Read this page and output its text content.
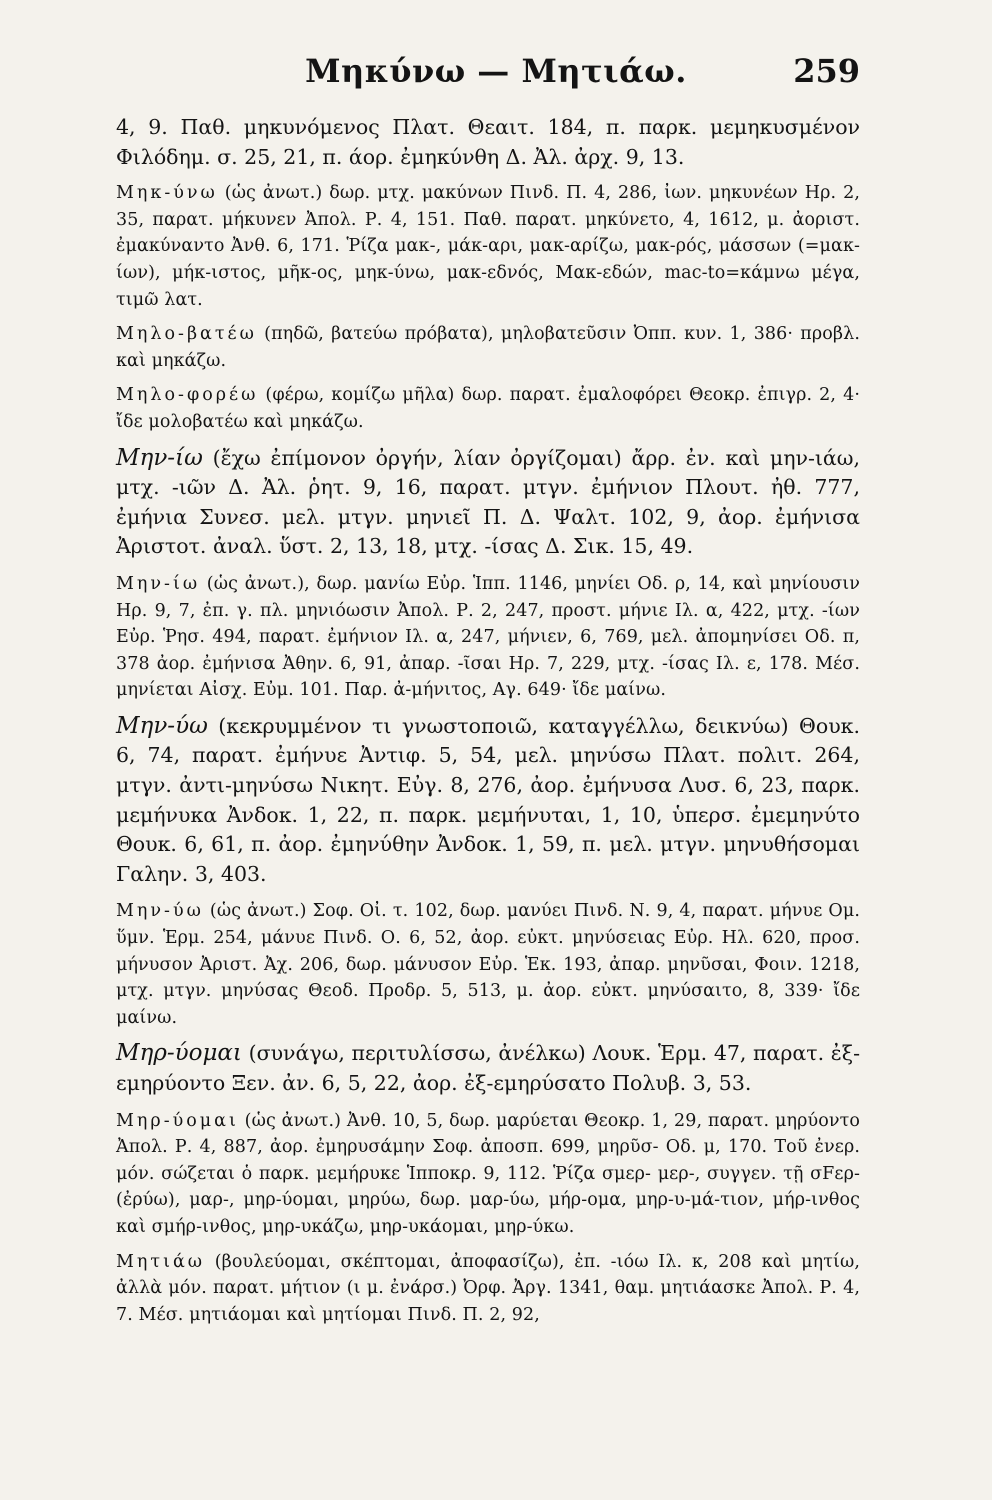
Μηκύνω — Μητιάω.	259

4, 9. Παθ. μηκυνόμενος Πλατ. Θεαιτ. 184, π. παρκ. μεμηκυσμένον Φιλόδημ. σ. 25, 21, π. άορ. ἐμηκύνθη Δ. Ἀλ. ἀρχ. 9, 13.

Μηκ-ύνω (ὡς ἀνωτ.) δωρ. μτχ. μακύνων Πινδ. Π. 4, 286, ἰων. μηκυνέων Ηρ. 2, 35, παρατ. μήκυνεν Ἀπολ. Ρ. 4, 151. Παθ. παρατ. μηκύνετο, 4, 1612, μ. ἀοριστ. ἐμακύναντο Ἀνθ. 6, 171. Ῥίζα μακ-, μάκ-αρι, μακ-αρίζω, μακ-ρός, μάσσων (=μακ-ίων), μήκ-ιστος, μῆκ-ος, μηκ-ύνω, μακ-εδνός, Μακ-εδών, mac-to=κάμνω μέγα, τιμῶ λατ.

Μηλο-βατέω (πηδῶ, βατεύω πρόβατα), μηλοβατεῦσιν Ὀππ. κυν. 1, 386· προβλ. καὶ μηκάζω.

Μηλο-φορέω (φέρω, κομίζω μῆλα) δωρ. παρατ. ἐμαλοφόρει Θεοκρ. ἐπιγρ. 2, 4· ἴδε μολοβατέω καὶ μηκάζω.

Μην-ίω (ἔχω ἐπίμονον ὀργήν, λίαν ὀργίζομαι) ἄρρ. ἐν. καὶ μην-ιάω, μτχ. -ιῶν Δ. Ἀλ. ῥητ. 9, 16, παρατ. μτγν. ἐμήνιον Πλουτ. ἠθ. 777, ἐμήνια Συνεσ. μελ. μτγν. μηνιεῖ Π. Δ. Ψαλτ. 102, 9, ἀορ. ἐμήνισα Ἀριστοτ. ἀναλ. ὕστ. 2, 13, 18, μτχ. -ίσας Δ. Σικ. 15, 49.

Μην-ίω (ὡς ἀνωτ.), δωρ. μανίω Εὐρ. Ἱππ. 1146, μηνίει Οδ. ρ, 14, καὶ μηνίουσιν Ηρ. 9, 7, ἐπ. γ. πλ. μηνιόωσιν Ἀπολ. Ρ. 2, 247, προστ. μήνιε Ιλ. α, 422, μτχ. -ίων Εὐρ. Ῥησ. 494, παρατ. ἐμήνιον Ιλ. α, 247, μήνιεν, 6, 769, μελ. ἀπομηνίσει Οδ. π, 378 ἀορ. ἐμήνισα Ἀθην. 6, 91, ἀπαρ. -ῖσαι Ηρ. 7, 229, μτχ. -ίσας Ιλ. ε, 178. Μέσ. μηνίεται Αἰσχ. Εὐμ. 101. Παρ. ἀ-μήνιτος, Αγ. 649· ἴδε μαίνω.

Μην-ύω (κεκρυμμένον τι γνωστοποιῶ, καταγγέλλω, δεικνύω) Θουκ. 6, 74, παρατ. ἐμήνυε Ἀντιφ. 5, 54, μελ. μηνύσω Πλατ. πολιτ. 264, μτγν. ἀντι-μηνύσω Νικητ. Εὐγ. 8, 276, ἀορ. ἐμήνυσα Λυσ. 6, 23, παρκ. μεμήνυκα Ἀνδοκ. 1, 22, π. παρκ. μεμήνυται, 1, 10, ὑπερσ. ἐμεμηνύτο Θουκ. 6, 61, π. ἀορ. ἐμηνύθην Ἀνδοκ. 1, 59, π. μελ. μτγν. μηνυθήσομαι Γαλην. 3, 403.

Μην-ύω (ὡς ἀνωτ.) Σοφ. Οἰ. τ. 102, δωρ. μανύει Πινδ. Ν. 9, 4, παρατ. μήνυε Ομ. ὕμν. Ἑρμ. 254, μάνυε Πινδ. Ο. 6, 52, ἀορ. εὐκτ. μηνύσειας Εὐρ. Ηλ. 620, προσ. μήνυσον Ἀριστ. Ἀχ. 206, δωρ. μάνυσον Εὐρ. Ἑκ. 193, ἀπαρ. μηνῦσαι, Φοιν. 1218, μτχ. μτγν. μηνύσας Θεοδ. Προδρ. 5, 513, μ. ἀορ. εὐκτ. μηνύσαιτο, 8, 339· ἴδε μαίνω.

Μηρ-ύομαι (συνάγω, περιτυλίσσω, ἀνέλκω) Λουκ. Ἑρμ. 47, παρατ. ἐξ-εμηρύοντο Ξεν. ἀν. 6, 5, 22, ἀορ. ἐξ-εμηρύσατο Πολυβ. 3, 53.

Μηρ-ύομαι (ὡς ἀνωτ.) Ἀνθ. 10, 5, δωρ. μαρύεται Θεοκρ. 1, 29, παρατ. μηρύοντο Ἀπολ. Ρ. 4, 887, ἀορ. ἐμηρυσάμην Σοφ. ἀποσπ. 699, μηρῦσ- Οδ. μ, 170. Τοῦ ἐνερ. μόν. σώζεται ὁ παρκ. μεμήρυκε Ἱπποκρ. 9, 112. Ῥίζα σμερ- μερ-, συγγεν. τῇ σFερ- (ἐρύω), μαρ-, μηρ-ύομαι, μηρύω, δωρ. μαρ-ύω, μήρ-ομα, μηρ-υ-μά-τιον, μήρ-ινθος καὶ σμήρ-ινθος, μηρ-υκάζω, μηρ-υκάομαι, μηρ-ύκω.

Μητιάω (βουλεύομαι, σκέπτομαι, ἀποφασίζω), ἐπ. -ιόω Ιλ. κ, 208 καὶ μητίω, ἀλλὰ μόν. παρατ. μήτιον (ι μ. ἐνάρσ.) Ὀρφ. Ἀργ. 1341, θαμ. μητιάασκε Ἀπολ. Ρ. 4, 7. Μέσ. μητιάομαι καὶ μητίομαι Πινδ. Π. 2, 92,
